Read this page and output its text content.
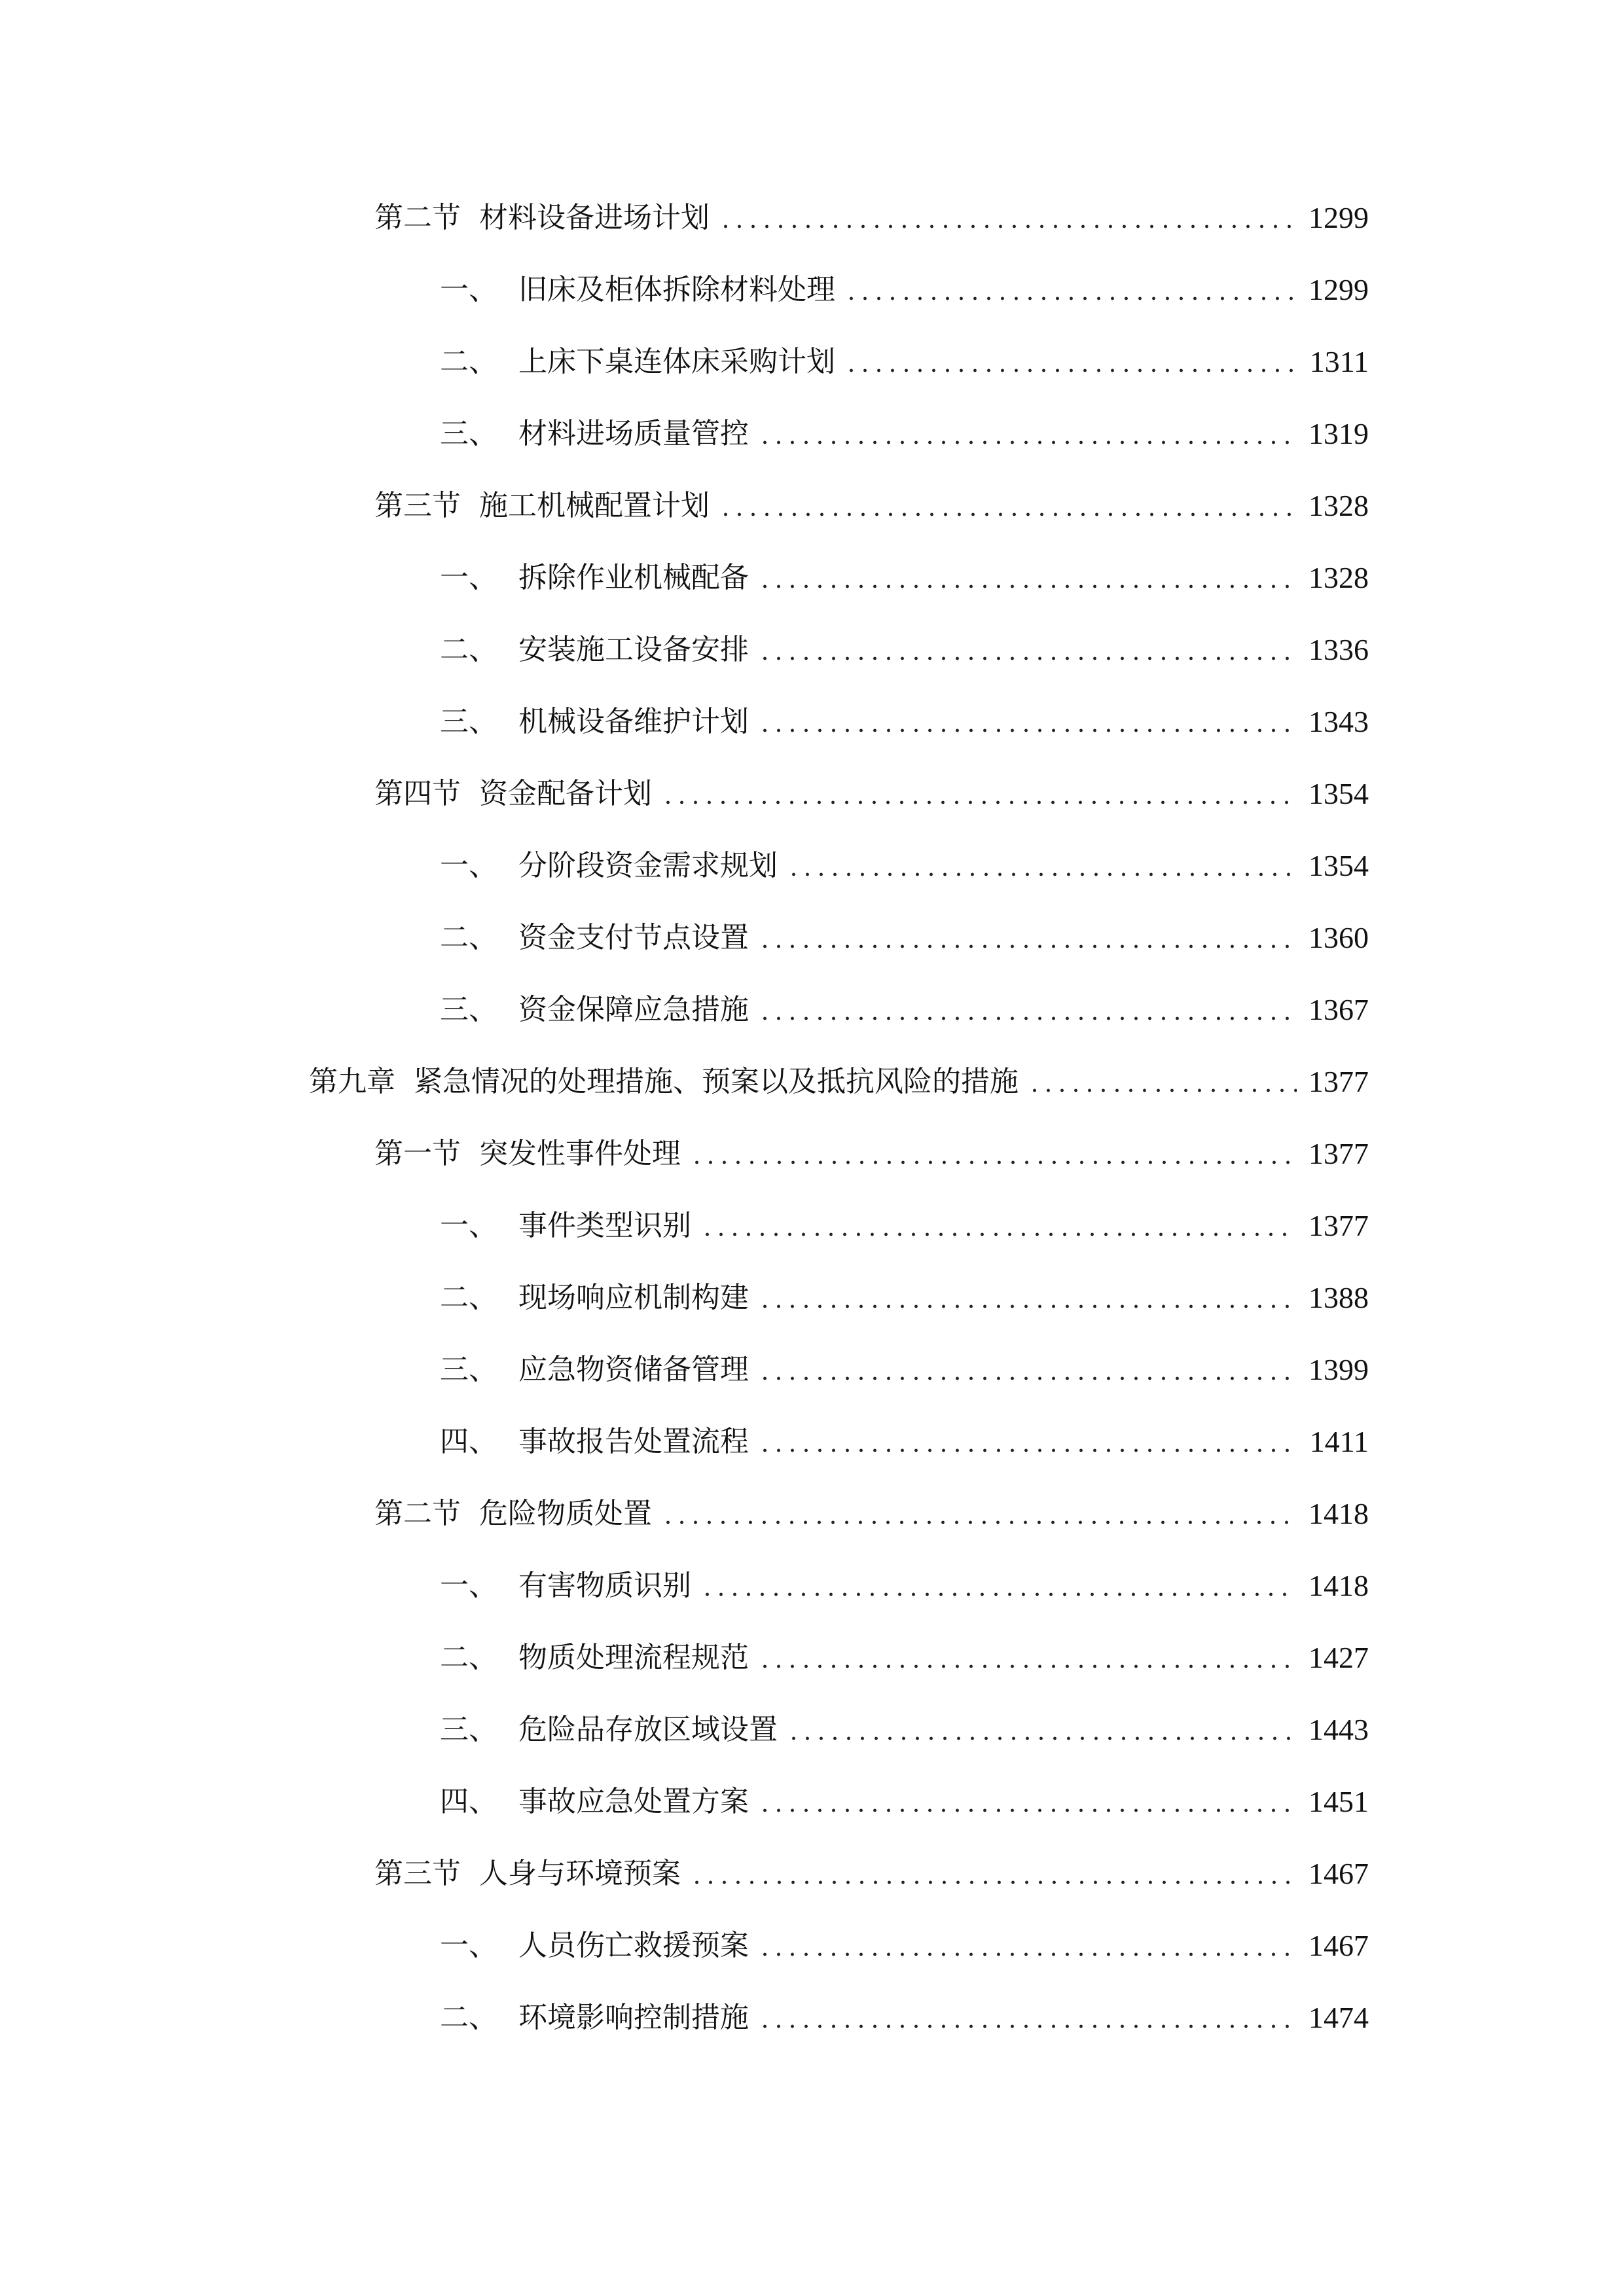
第二节 材料设备进场计划	1299
一、 旧床及柜体拆除材料处理	1299
二、 上床下桌连体床采购计划	1311
三、 材料进场质量管控	1319
第三节 施工机械配置计划	1328
一、 拆除作业机械配备	1328
二、 安装施工设备安排	1336
三、 机械设备维护计划	1343
第四节 资金配备计划	1354
一、 分阶段资金需求规划	1354
二、 资金支付节点设置	1360
三、 资金保障应急措施	1367
第九章 紧急情况的处理措施、预案以及抵抗风险的措施	1377
第一节 突发性事件处理	1377
一、 事件类型识别	1377
二、 现场响应机制构建	1388
三、 应急物资储备管理	1399
四、 事故报告处置流程	1411
第二节 危险物质处置	1418
一、 有害物质识别	1418
二、 物质处理流程规范	1427
三、 危险品存放区域设置	1443
四、 事故应急处置方案	1451
第三节 人身与环境预案	1467
一、 人员伤亡救援预案	1467
二、 环境影响控制措施	1474
